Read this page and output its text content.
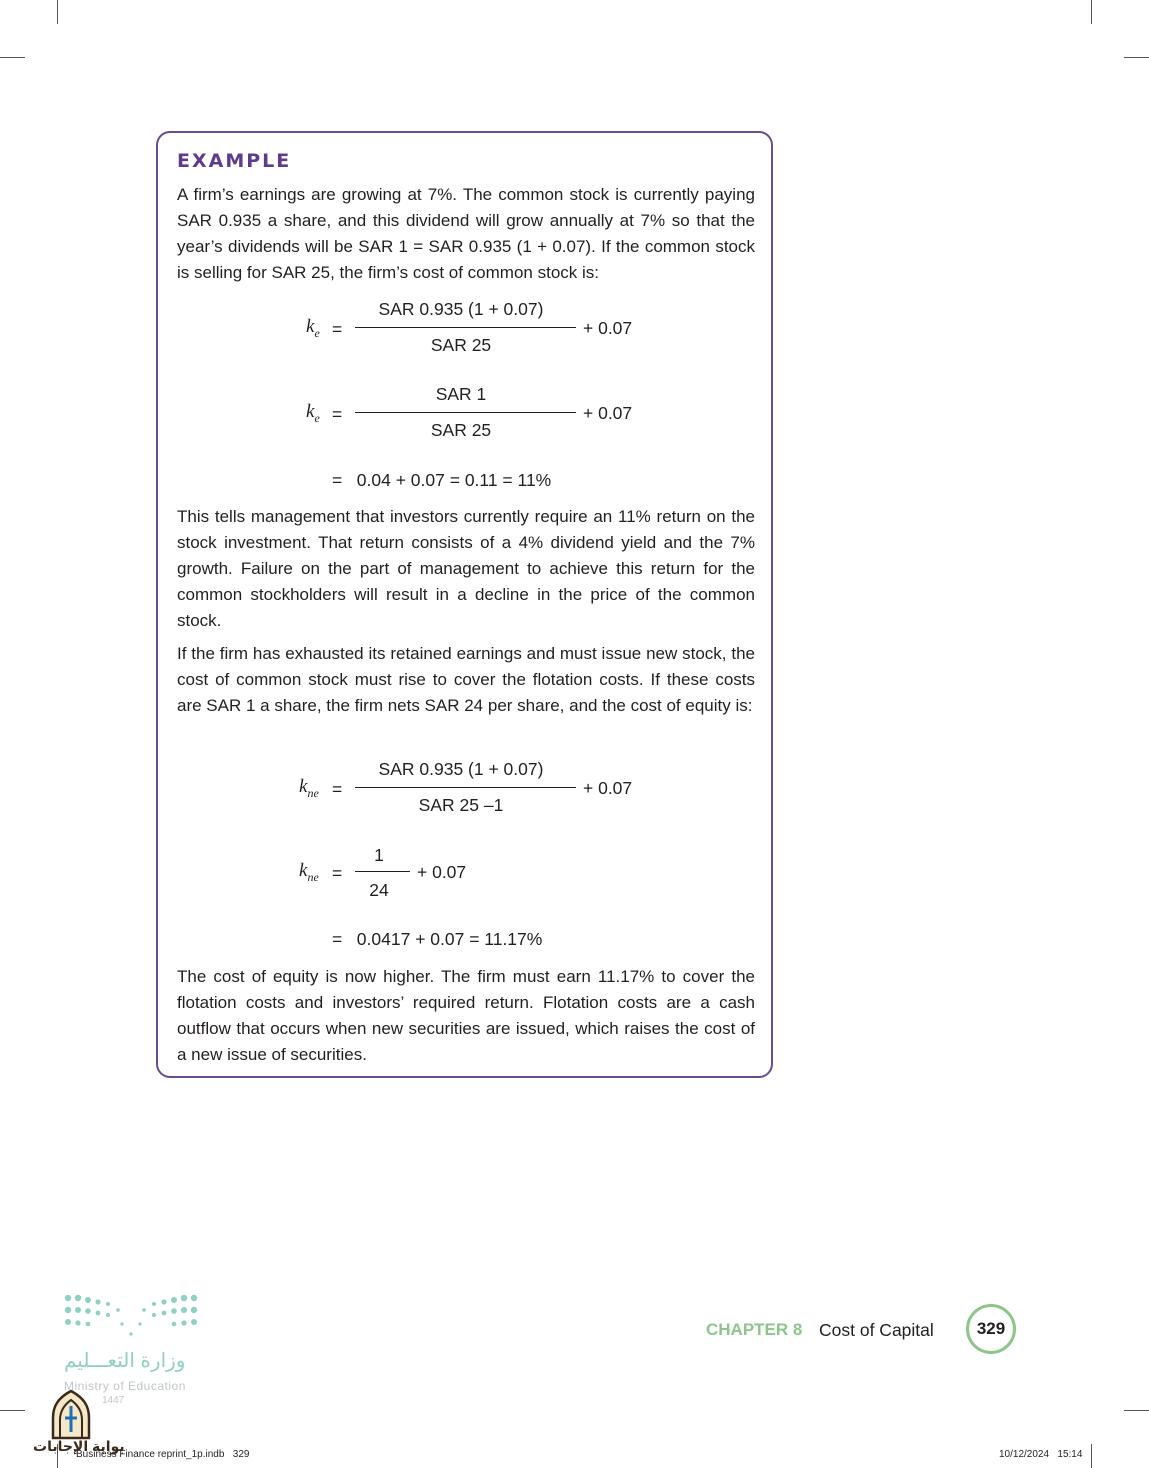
EXAMPLE

A firm’s earnings are growing at 7%. The common stock is currently paying SAR 0.935 a share, and this dividend will grow annually at 7% so that the year’s dividends will be SAR 1 = SAR 0.935 (1 + 0.07). If the common stock is selling for SAR 25, the firm’s cost of common stock is:

$k_e$ =
SAR 0.935 (1 + 0.07)
SAR 25
+ 0.07
$k_e$ =
SAR 1
SAR 25
+ 0.07
=   0.04 + 0.07 = 0.11 = 11%

This tells management that investors currently require an 11% return on the stock investment. That return consists of a 4% dividend yield and the 7% growth. Failure on the part of management to achieve this return for the common stockholders will result in a decline in the price of the common stock.

If the firm has exhausted its retained earnings and must issue new stock, the cost of common stock must rise to cover the flotation costs. If these costs are SAR 1 a share, the firm nets SAR 24 per share, and the cost of equity is:

$k_{ne}$ =
SAR 0.935 (1 + 0.07)
SAR 25 –1
+ 0.07
$k_{ne}$ =
1
24
+ 0.07
=   0.0417 + 0.07 = 11.17%

The cost of equity is now higher. The firm must earn 11.17% to cover the flotation costs and investors’ required return. Flotation costs are a cash outflow that occurs when new securities are issued, which raises the cost of a new issue of securities.

وزارة التعـــليم
Ministry of Education
1447
بوابة الإجابات
CHAPTER 8 Cost of Capital	329
Business Finance reprint_1p.indb   329	10/12/2024   15:14
